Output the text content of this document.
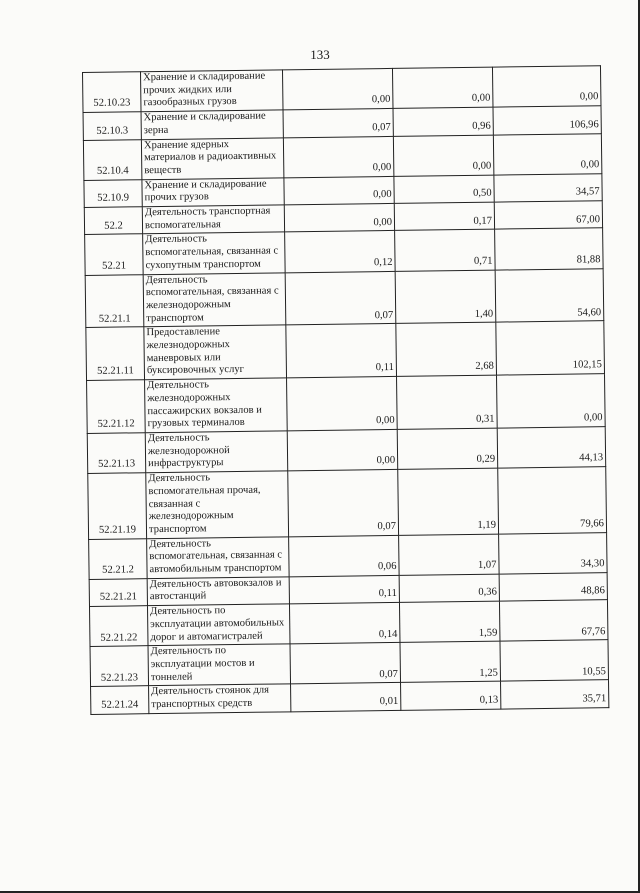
133
52.10.23	Хранение и складирование прочих жидких или газообразных грузов	0,00	0,00	0,00
52.10.3	Хранение и складирование зерна	0,07	0,96	106,96
52.10.4	Хранение ядерных материалов и радиоактивных веществ	0,00	0,00	0,00
52.10.9	Хранение и складирование прочих грузов	0,00	0,50	34,57
52.2	Деятельность транспортная вспомогательная	0,00	0,17	67,00
52.21	Деятельность вспомогательная, связанная с сухопутным транспортом	0,12	0,71	81,88
52.21.1	Деятельность вспомогательная, связанная с железнодорожным транспортом	0,07	1,40	54,60
52.21.11	Предоставление железнодорожных маневровых или буксировочных услуг	0,11	2,68	102,15
52.21.12	Деятельность железнодорожных пассажирских вокзалов и грузовых терминалов	0,00	0,31	0,00
52.21.13	Деятельность железнодорожной инфраструктуры	0,00	0,29	44,13
52.21.19	Деятельность вспомогательная прочая, связанная с железнодорожным транспортом	0,07	1,19	79,66
52.21.2	Деятельность вспомогательная, связанная с автомобильным транспортом	0,06	1,07	34,30
52.21.21	Деятельность автовокзалов и автостанций	0,11	0,36	48,86
52.21.22	Деятельность по эксплуатации автомобильных дорог и автомагистралей	0,14	1,59	67,76
52.21.23	Деятельность по эксплуатации мостов и тоннелей	0,07	1,25	10,55
52.21.24	Деятельность стоянок для транспортных средств	0,01	0,13	35,71
